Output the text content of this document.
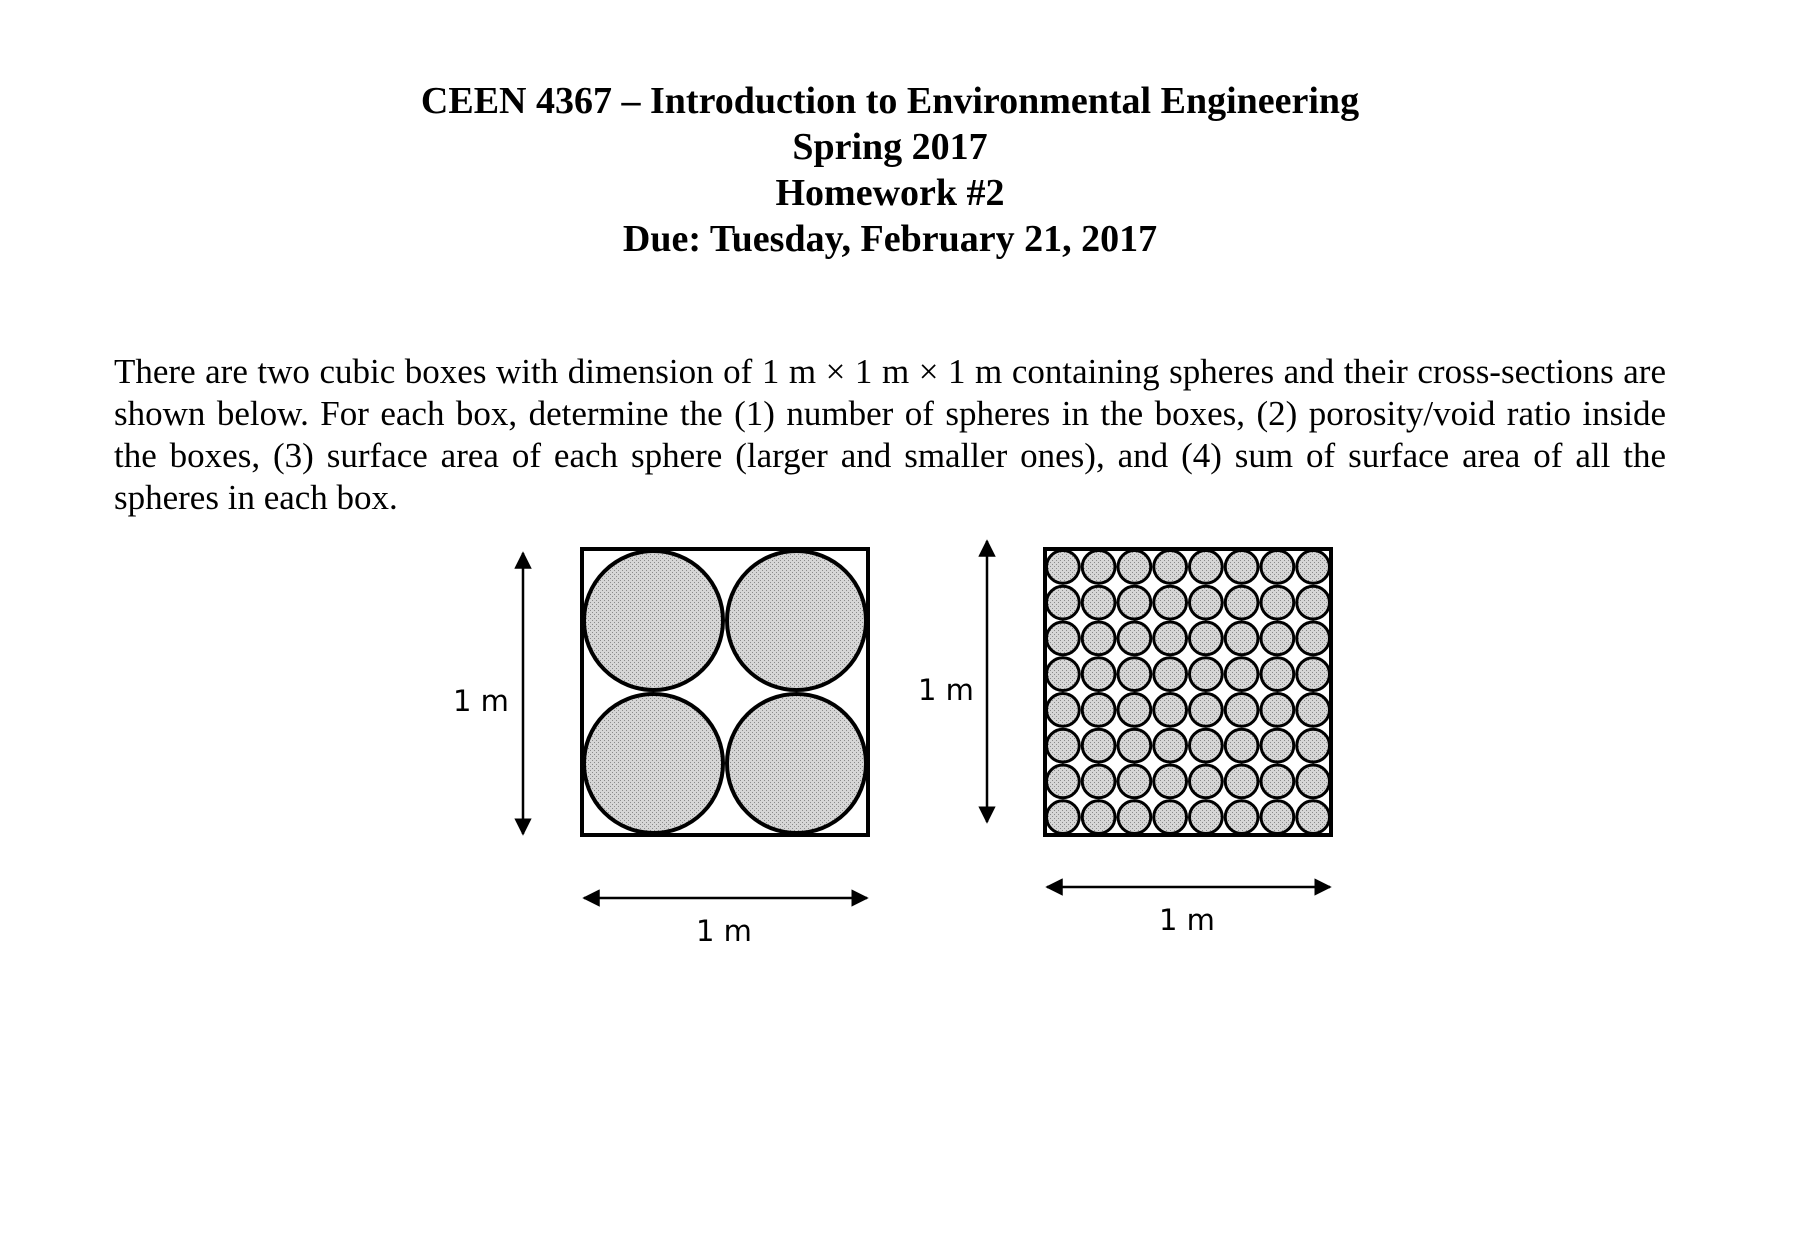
CEEN 4367 – Introduction to Environmental Engineering
Spring 2017
Homework #2
Due: Tuesday, February 21, 2017

There are two cubic boxes with dimension of 1 m × 1 m × 1 m containing spheres and their cross-sections are shown below. For each box, determine the (1) number of spheres in the boxes, (2) porosity/void ratio inside the boxes, (3) surface area of each sphere (larger and smaller ones), and (4) sum of surface area of all the spheres in each box.

1 m
1 m
1 m
1 m
